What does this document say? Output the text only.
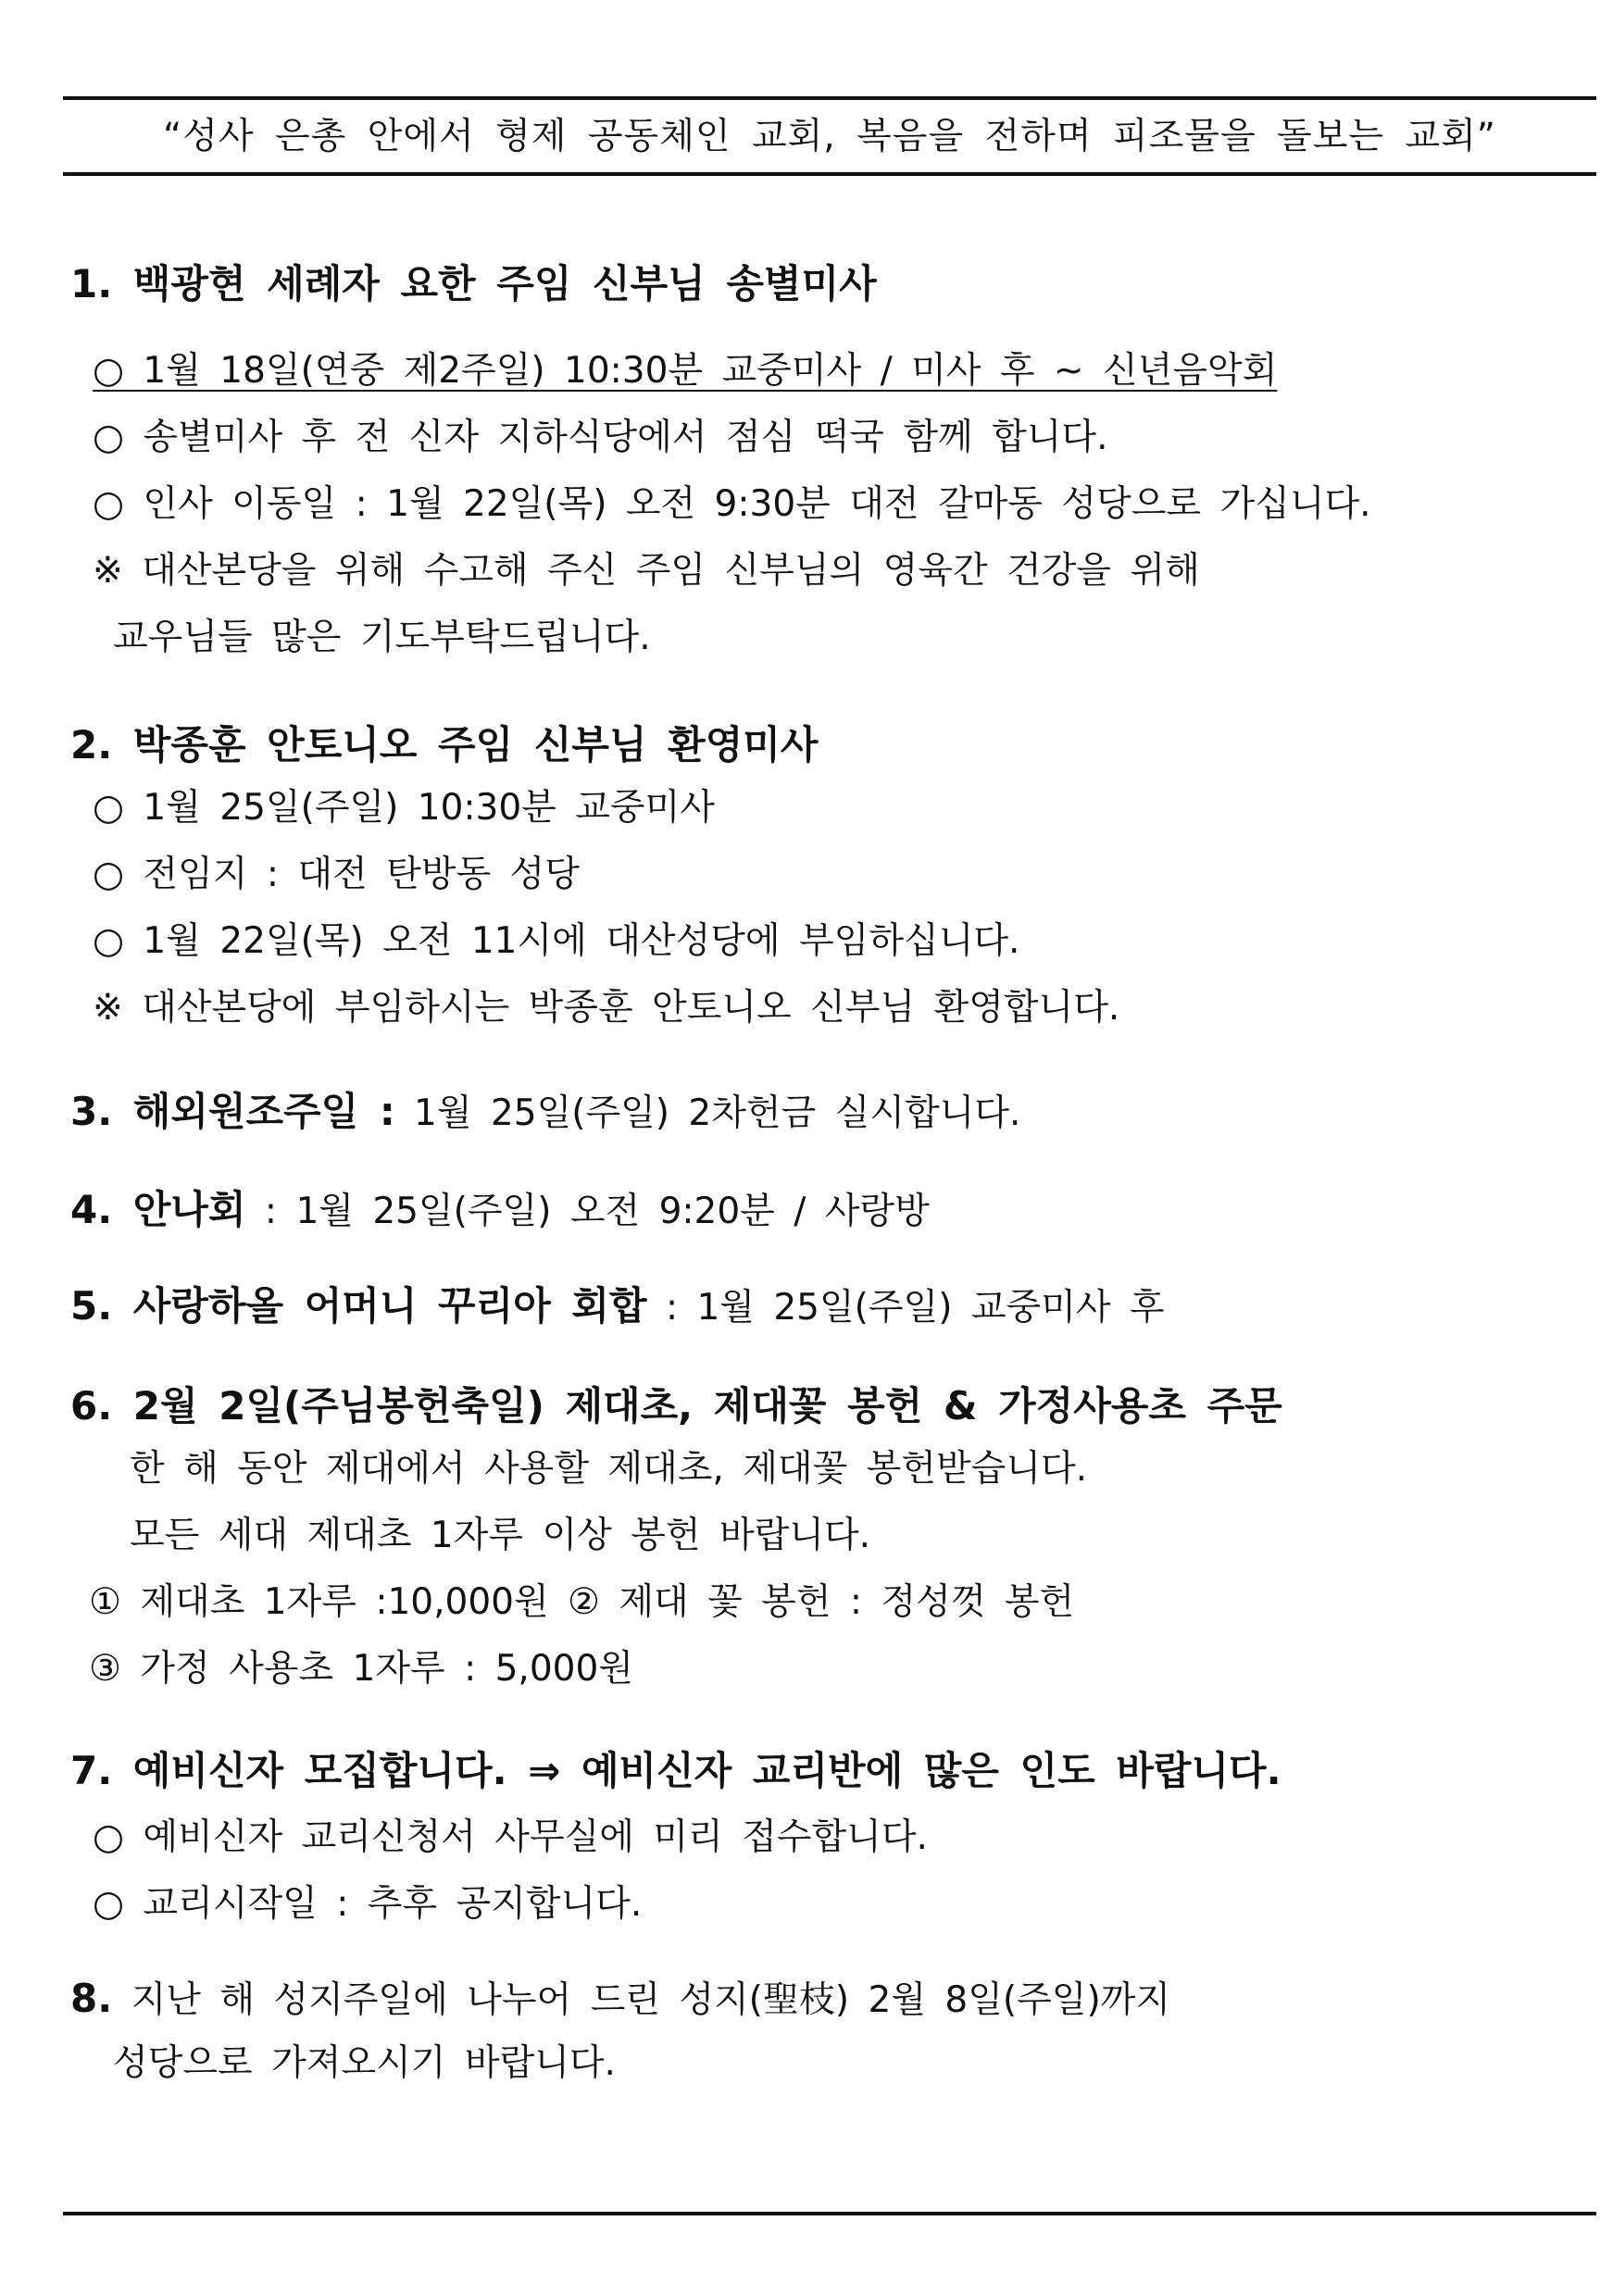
“성사 은총 안에서 형제 공동체인 교회, 복음을 전하며 피조물을 돌보는 교회”
1. 백광현 세례자 요한 주임 신부님 송별미사
○ 1월 18일(연중 제2주일) 10:30분 교중미사 / 미사 후 ~ 신년음악회
○ 송별미사 후 전 신자 지하식당에서 점심 떡국 함께 합니다.
○ 인사 이동일 : 1월 22일(목) 오전 9:30분 대전 갈마동 성당으로 가십니다.
※ 대산본당을 위해 수고해 주신 주임 신부님의 영육간 건강을 위해
교우님들 많은 기도부탁드립니다.
2. 박종훈 안토니오 주임 신부님 환영미사
○ 1월 25일(주일) 10:30분 교중미사
○ 전임지 : 대전 탄방동 성당
○ 1월 22일(목) 오전 11시에 대산성당에 부임하십니다.
※ 대산본당에 부임하시는 박종훈 안토니오 신부님 환영합니다.
3. 해외원조주일 : 1월 25일(주일) 2차헌금 실시합니다.
4. 안나회 : 1월 25일(주일) 오전 9:20분 / 사랑방
5. 사랑하올 어머니 꾸리아 회합 : 1월 25일(주일) 교중미사 후
6. 2월 2일(주님봉헌축일) 제대초, 제대꽃 봉헌 & 가정사용초 주문
한 해 동안 제대에서 사용할 제대초, 제대꽃 봉헌받습니다.
모든 세대 제대초 1자루 이상 봉헌 바랍니다.
① 제대초 1자루 :10,000원 ② 제대 꽃 봉헌 : 정성껏 봉헌
③ 가정 사용초 1자루 : 5,000원
7. 예비신자 모집합니다. ⇒ 예비신자 교리반에 많은 인도 바랍니다.
○ 예비신자 교리신청서 사무실에 미리 접수합니다.
○ 교리시작일 : 추후 공지합니다.
8. 지난 해 성지주일에 나누어 드린 성지(聖枝) 2월 8일(주일)까지
성당으로 가져오시기 바랍니다.
